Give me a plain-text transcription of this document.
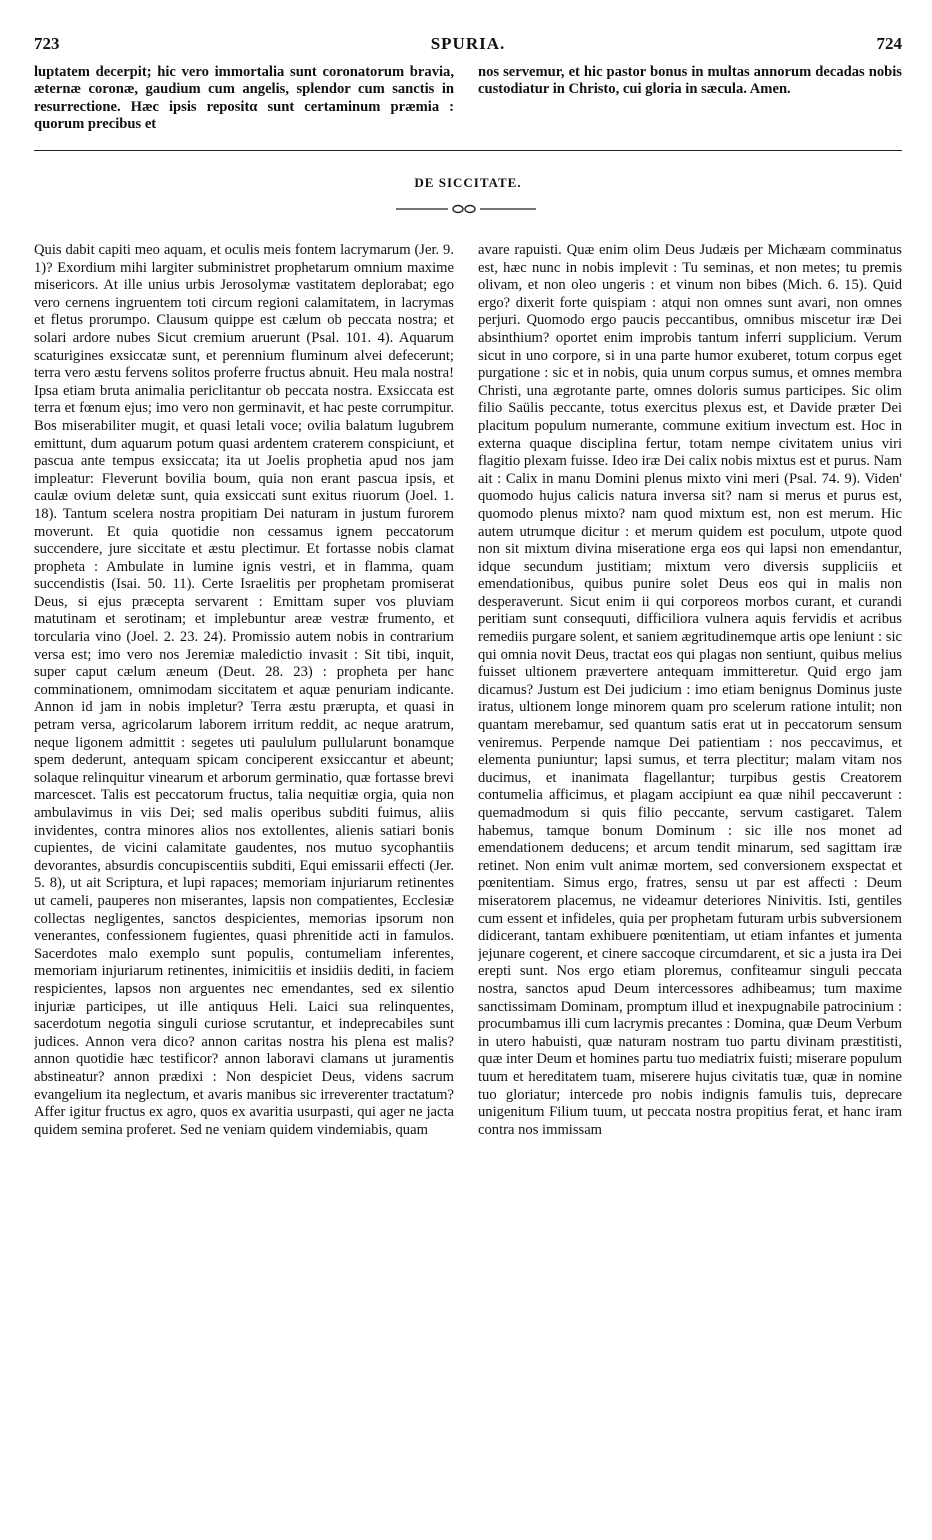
723	SPURIA.	724

luptatem decerpit; hic vero immortalia sunt coronatorum bravia, æternæ coronæ, gaudium cum angelis, splendor cum sanctis in resurrectione. Hæc ipsis repositα sunt certaminum præmia : quorum precibus et

nos servemur, et hic pastor bonus in multas annorum decadas nobis custodiatur in Christo, cui gloria in sæcula. Amen.

DE SICCITATE.

Quis dabit capiti meo aquam, et oculis meis fontem lacrymarum (Jer. 9. 1)? Exordium mihi largiter subministret prophetarum omnium maxime misericors. At ille unius urbis Jerosolymæ vastitatem deplorabat; ego vero cernens ingruentem toti circum regioni calamitatem, in lacrymas et fletus prorumpo. Clausum quippe est cælum ob peccata nostra; et solari ardore nubes Sicut cremium aruerunt (Psal. 101. 4). Aquarum scaturigines exsiccatæ sunt, et perennium fluminum alvei defecerunt; terra vero æstu fervens solitos proferre fructus abnuit. Heu mala nostra! Ipsa etiam bruta animalia periclitantur ob peccata nostra. Exsiccata est terra et fœnum ejus; imo vero non germinavit, et hac peste corrumpitur. Bos miserabiliter mugit, et quasi letali voce; ovilia balatum lugubrem emittunt, dum aquarum potum quasi ardentem craterem conspiciunt, et pascua ante tempus exsiccata; ita ut Joelis prophetia apud nos jam impleatur: Fleverunt bovilia boum, quia non erant pascua ipsis, et caulæ ovium deletæ sunt, quia exsiccati sunt exitus riuorum (Joel. 1. 18). Tantum scelera nostra propitiam Dei naturam in justum furorem moverunt. Et quia quotidie non cessamus ignem peccatorum succendere, jure siccitate et æstu plectimur. Et fortasse nobis clamat propheta : Ambulate in lumine ignis vestri, et in flamma, quam succendistis (Isai. 50. 11). Certe Israelitis per prophetam promiserat Deus, si ejus præcepta servarent : Emittam super vos pluviam matutinam et serotinam; et implebuntur areæ vestræ frumento, et torcularia vino (Joel. 2. 23. 24). Promissio autem nobis in contrarium versa est; imo vero nos Jeremiæ maledictio invasit : Sit tibi, inquit, super caput cælum æneum (Deut. 28. 23) : propheta per hanc comminationem, omnimodam siccitatem et aquæ penuriam indicante. Annon id jam in nobis impletur? Terra æstu prærupta, et quasi in petram versa, agricolarum laborem irritum reddit, ac neque aratrum, neque ligonem admittit : segetes uti paululum pullularunt bonamque spem dederunt, antequam spicam conciperent exsiccantur et abeunt; solaque relinquitur vinearum et arborum germinatio, quæ fortasse brevi marcescet. Talis est peccatorum fructus, talia nequitiæ orgia, quia non ambulavimus in viis Dei; sed malis operibus subditi fuimus, aliis invidentes, contra minores alios nos extollentes, alienis satiari bonis cupientes, de vicini calamitate gaudentes, nos mutuo sycophantiis devorantes, absurdis concupiscentiis subditi, Equi emissarii effecti (Jer. 5. 8), ut ait Scriptura, et lupi rapaces; memoriam injuriarum retinentes ut cameli, pauperes non miserantes, lapsis non compatientes, Ecclesiæ collectas negligentes, sanctos despicientes, memorias ipsorum non venerantes, confessionem fugientes, quasi phrenitide acti in famulos. Sacerdotes malo exemplo sunt populis, contumeliam inferentes, memoriam injuriarum retinentes, inimicitiis et insidiis dediti, in faciem respicientes, lapsos non arguentes nec emendantes, sed ex silentio injuriæ participes, ut ille antiquus Heli. Laici sua relinquentes, sacerdotum negotia singuli curiose scrutantur, et indeprecabiles sunt judices. Annon vera dico? annon caritas nostra his plena est malis? annon quotidie hæc testificor? annon laboravi clamans ut juramentis abstineatur? annon prædixi : Non despiciet Deus, videns sacrum evangelium ita neglectum, et avaris manibus sic irreverenter tractatum? Affer igitur fructus ex agro, quos ex avaritia usurpasti, qui ager ne jacta quidem semina proferet. Sed ne veniam quidem vindemiabis, quam

avare rapuisti. Quæ enim olim Deus Judæis per Michæam comminatus est, hæc nunc in nobis implevit : Tu seminas, et non metes; tu premis olivam, et non oleo ungeris : et vinum non bibes (Mich. 6. 15). Quid ergo? dixerit forte quispiam : atqui non omnes sunt avari, non omnes perjuri. Quomodo ergo paucis peccantibus, omnibus miscetur iræ Dei absinthium? oportet enim improbis tantum inferri supplicium. Verum sicut in uno corpore, si in una parte humor exuberet, totum corpus eget purgatione : sic et in nobis, quia unum corpus sumus, et omnes membra Christi, una ægrotante parte, omnes doloris sumus participes. Sic olim filio Saülis peccante, totus exercitus plexus est, et Davide præter Dei placitum populum numerante, commune exitium invectum est. Hoc in externa quaque disciplina fertur, totam nempe civitatem unius viri flagitio plexam fuisse. Ideo iræ Dei calix nobis mixtus est et purus. Nam ait : Calix in manu Domini plenus mixto vini meri (Psal. 74. 9). Viden' quomodo hujus calicis natura inversa sit? nam si merus et purus est, quomodo plenus mixto? nam quod mixtum est, non est merum. Hic autem utrumque dicitur : et merum quidem est poculum, utpote quod non sit mixtum divina miseratione erga eos qui lapsi non emendantur, idque secundum justitiam; mixtum vero diversis suppliciis et emendationibus, quibus punire solet Deus eos qui in malis non desperaverunt. Sicut enim ii qui corporeos morbos curant, et curandi peritiam sunt consequuti, difficiliora vulnera aquis fervidis et acribus remediis purgare solent, et saniem ægritudinemque artis ope leniunt : sic qui omnia novit Deus, tractat eos qui plagas non sentiunt, quibus melius fuisset ultionem prævertere antequam immitteretur. Quid ergo jam dicamus? Justum est Dei judicium : imo etiam benignus Dominus juste iratus, ultionem longe minorem quam pro scelerum ratione intulit; non quantam merebamur, sed quantum satis erat ut in peccatorum sensum veniremus. Perpende namque Dei patientiam : nos peccavimus, et elementa puniuntur; lapsi sumus, et terra plectitur; malam vitam nos ducimus, et inanimata flagellantur; turpibus gestis Creatorem contumelia afficimus, et plagam accipiunt ea quæ nihil peccaverunt : quemadmodum si quis filio peccante, servum castigaret. Talem habemus, tamque bonum Dominum : sic ille nos monet ad emendationem deducens; et arcum tendit minarum, sed sagittam iræ retinet. Non enim vult animæ mortem, sed conversionem exspectat et pœnitentiam. Simus ergo, fratres, sensu ut par est affecti : Deum miseratorem placemus, ne videamur deteriores Ninivitis. Isti, gentiles cum essent et infideles, quia per prophetam futuram urbis subversionem didicerant, tantam exhibuere pœnitentiam, ut etiam infantes et jumenta jejunare cogerent, et cinere saccoque circumdarent, et sic a justa ira Dei erepti sunt. Nos ergo etiam ploremus, confiteamur singuli peccata nostra, sanctos apud Deum intercessores adhibeamus; tum maxime sanctissimam Dominam, promptum illud et inexpugnabile patrocinium : procumbamus illi cum lacrymis precantes : Domina, quæ Deum Verbum in utero habuisti, quæ naturam nostram tuo partu divinam præstitisti, quæ inter Deum et homines partu tuo mediatrix fuisti; miserare populum tuum et hereditatem tuam, miserere hujus civitatis tuæ, quæ in nomine tuo gloriatur; intercede pro nobis indignis famulis tuis, deprecare unigenitum Filium tuum, ut peccata nostra propitius ferat, et hanc iram contra nos immissam
